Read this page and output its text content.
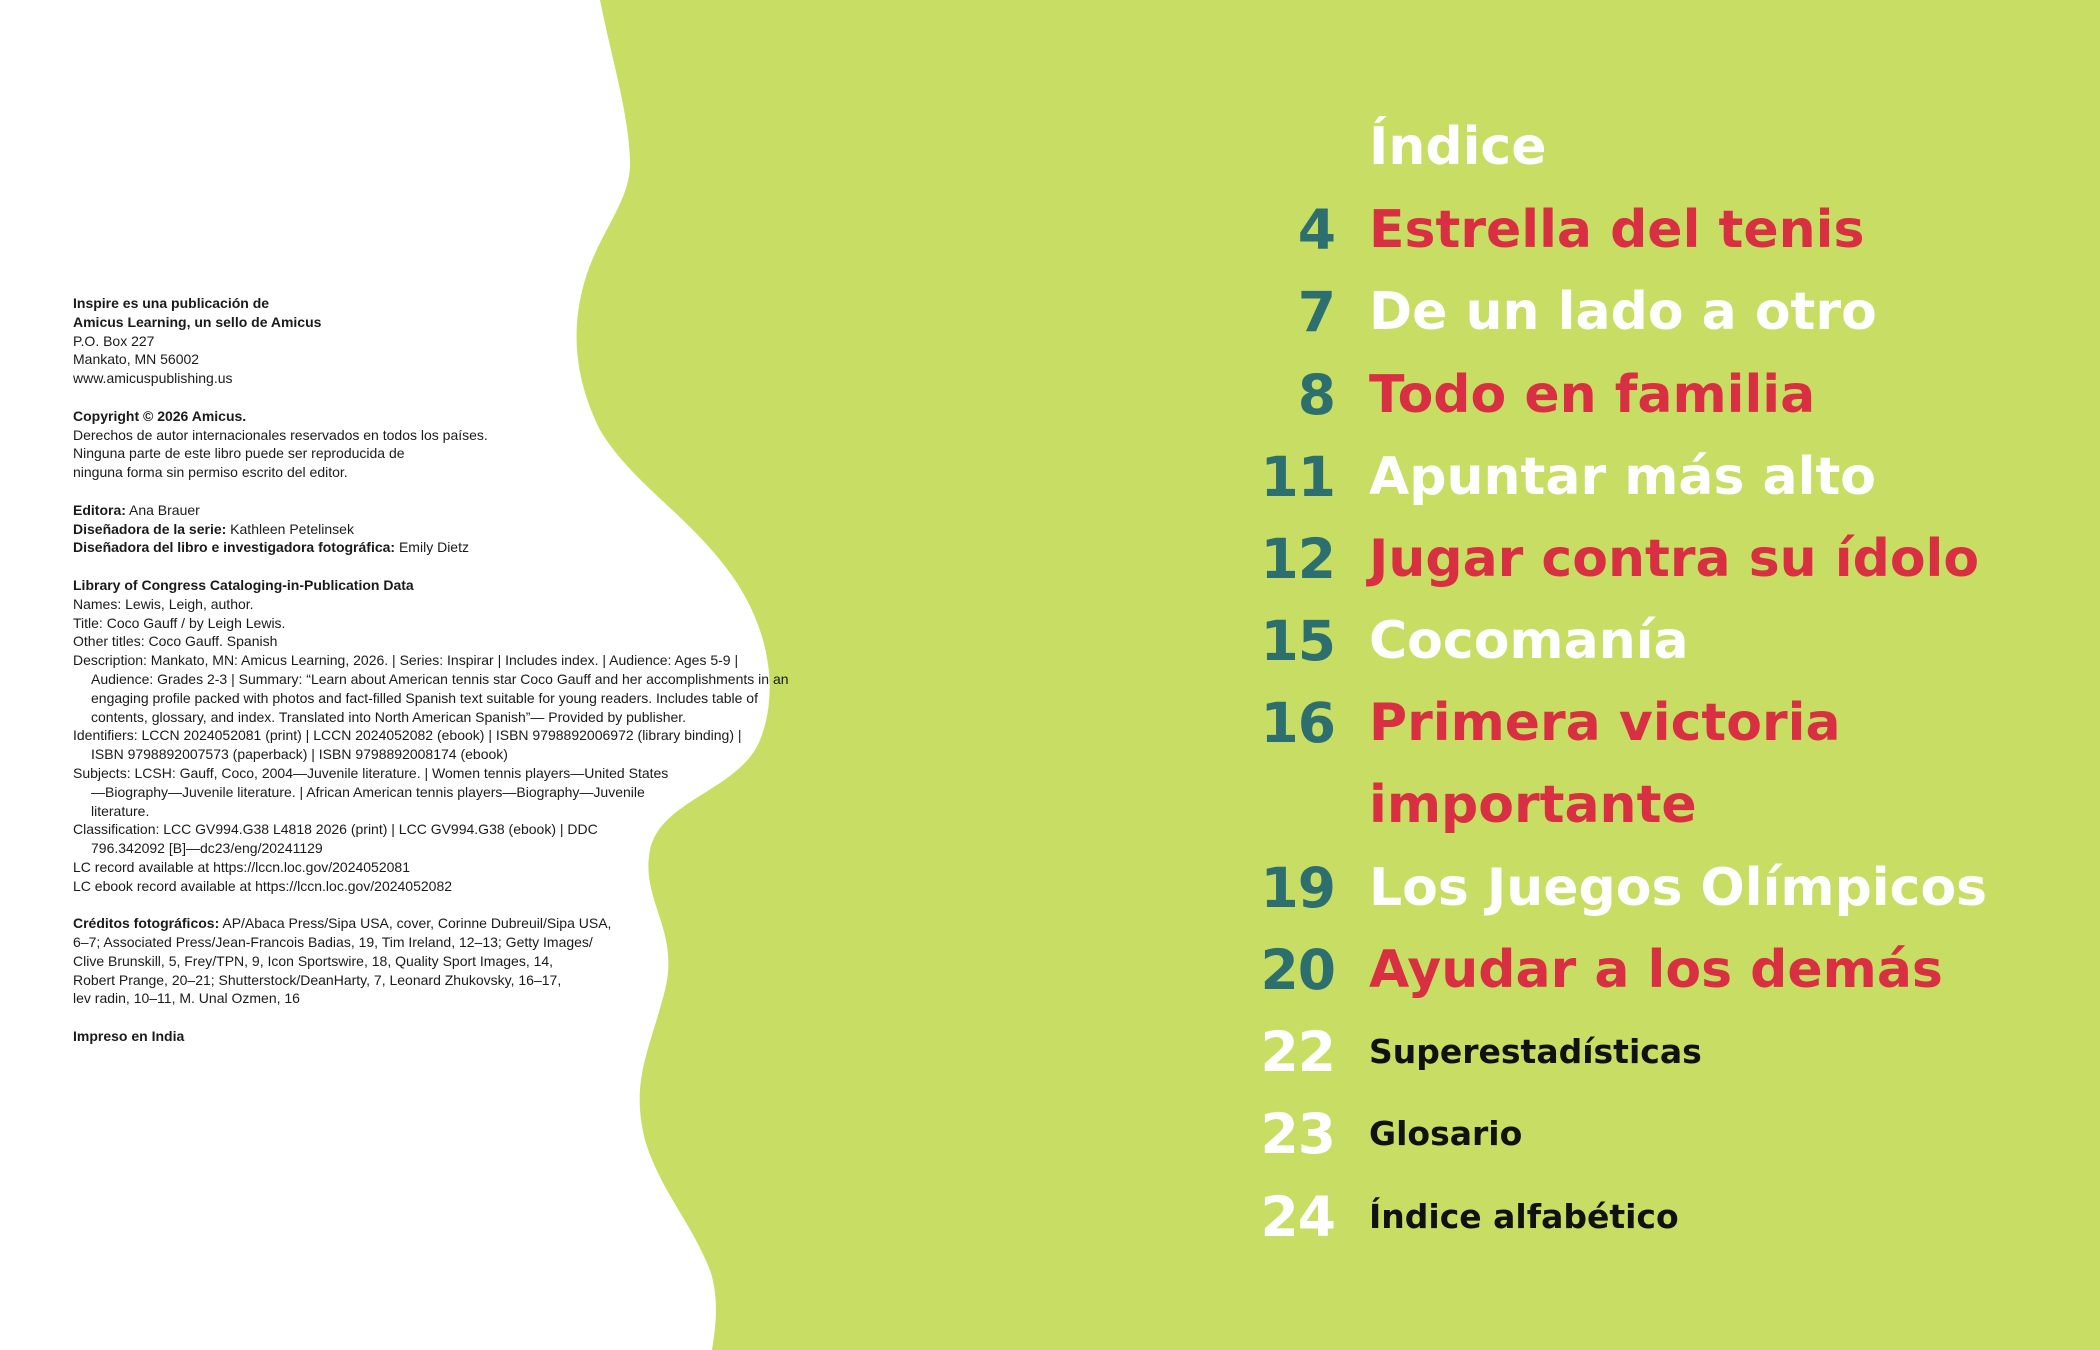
Inspire es una publicación de
Amicus Learning, un sello de Amicus
P.O. Box 227
Mankato, MN 56002
www.amicuspublishing.us
Copyright © 2026 Amicus.
Derechos de autor internacionales reservados en todos los países.
Ninguna parte de este libro puede ser reproducida de
ninguna forma sin permiso escrito del editor.
Editora: Ana Brauer
Diseñadora de la serie: Kathleen Petelinsek
Diseñadora del libro e investigadora fotográfica: Emily Dietz
Library of Congress Cataloging-in-Publication Data
Names: Lewis, Leigh, author.
Title: Coco Gauff / by Leigh Lewis.
Other titles: Coco Gauff. Spanish
Description: Mankato, MN: Amicus Learning, 2026. | Series: Inspirar | Includes index. | Audience: Ages 5-9 | Audience: Grades 2-3 | Summary: “Learn about American tennis star Coco Gauff and her accomplishments in an engaging profile packed with photos and fact-filled Spanish text suitable for young readers. Includes table of contents, glossary, and index. Translated into North American Spanish”— Provided by publisher.
Identifiers: LCCN 2024052081 (print) | LCCN 2024052082 (ebook) | ISBN 9798892006972 (library binding) | ISBN 9798892007573 (paperback) | ISBN 9798892008174 (ebook)
Subjects: LCSH: Gauff, Coco, 2004—Juvenile literature. | Women tennis players—United States—Biography—Juvenile literature. | African American tennis players—Biography—Juvenile literature.
Classification: LCC GV994.G38 L4818 2026 (print) | LCC GV994.G38 (ebook) | DDC 796.342092 [B]—dc23/eng/20241129
LC record available at https://lccn.loc.gov/2024052081
LC ebook record available at https://lccn.loc.gov/2024052082
Créditos fotográficos: AP/Abaca Press/Sipa USA, cover, Corinne Dubreuil/Sipa USA,
6–7; Associated Press/Jean-Francois Badias, 19, Tim Ireland, 12–13; Getty Images/
Clive Brunskill, 5, Frey/TPN, 9, Icon Sportswire, 18, Quality Sport Images, 14,
Robert Prange, 20–21; Shutterstock/DeanHarty, 7, Leonard Zhukovsky, 16–17,
lev radin, 10–11, M. Unal Ozmen, 16
Impreso en India
Índice
4 Estrella del tenis
7 De un lado a otro
8 Todo en familia
11 Apuntar más alto
12 Jugar contra su ídolo
15 Cocomanía
16 Primera victoria importante
19 Los Juegos Olímpicos
20 Ayudar a los demás
22 Superestadísticas
23 Glosario
24 Índice alfabético
